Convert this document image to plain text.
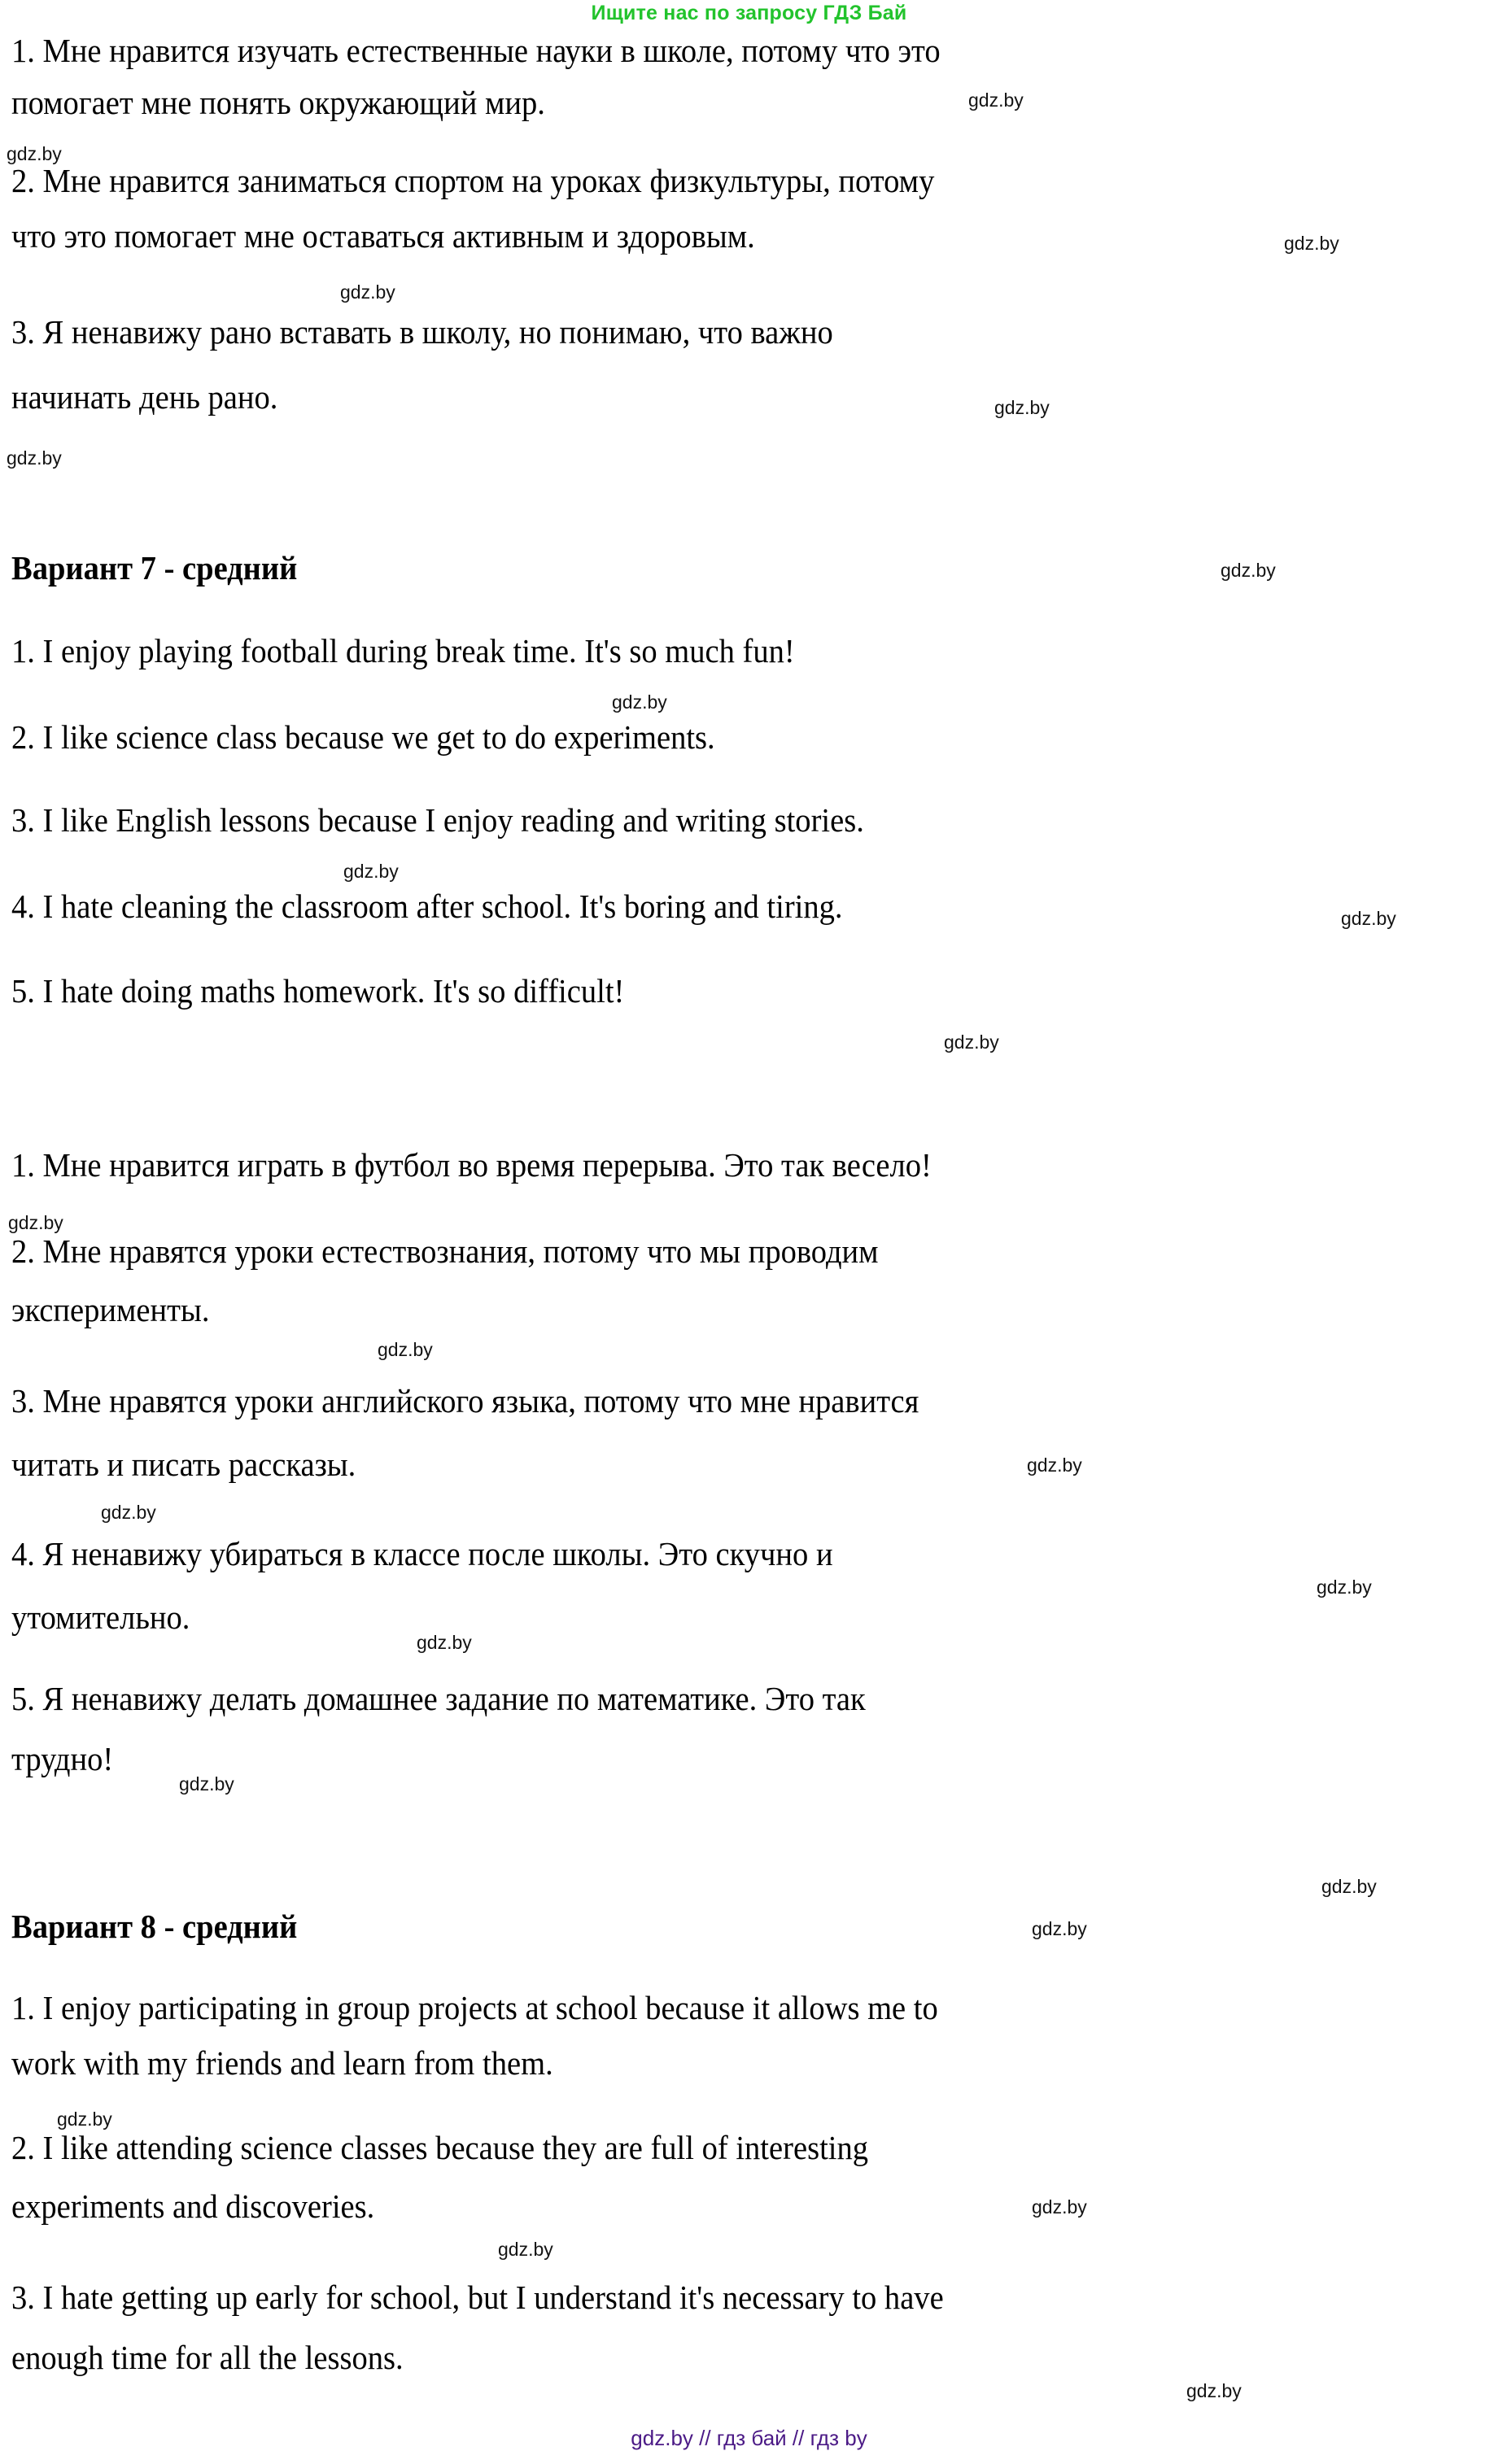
Ищите нас по запросу ГДЗ Бай
1. Мне нравится изучать естественные науки в школе, потому что это
помогает мне понять окружающий мир.
2. Мне нравится заниматься спортом на уроках физкультуры, потому
что это помогает мне оставаться активным и здоровым.
3. Я ненавижу рано вставать в школу, но понимаю, что важно
начинать день рано.
Вариант 7 - средний
1. I enjoy playing football during break time. It's so much fun!
2. I like science class because we get to do experiments.
3. I like English lessons because I enjoy reading and writing stories.
4. I hate cleaning the classroom after school. It's boring and tiring.
5. I hate doing maths homework. It's so difficult!
1. Мне нравится играть в футбол во время перерыва. Это так весело!
2. Мне нравятся уроки естествознания, потому что мы проводим
эксперименты.
3. Мне нравятся уроки английского языка, потому что мне нравится
читать и писать рассказы.
4. Я ненавижу убираться в классе после школы. Это скучно и
утомительно.
5. Я ненавижу делать домашнее задание по математике. Это так
трудно!
Вариант 8 - средний
1. I enjoy participating in group projects at school because it allows me to
work with my friends and learn from them.
2. I like attending science classes because they are full of interesting
experiments and discoveries.
3. I hate getting up early for school, but I understand it's necessary to have
enough time for all the lessons.
gdz.by
gdz.by
gdz.by
gdz.by
gdz.by
gdz.by
gdz.by
gdz.by
gdz.by
gdz.by
gdz.by
gdz.by
gdz.by
gdz.by
gdz.by
gdz.by
gdz.by
gdz.by
gdz.by
gdz.by
gdz.by
gdz.by
gdz.by
gdz.by
gdz.by // гдз бай // гдз by
